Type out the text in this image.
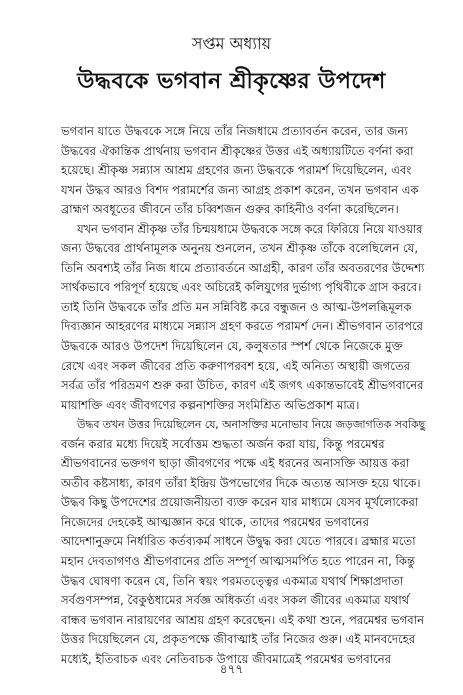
সপ্তম অধ্যায়
উদ্ধবকে ভগবান শ্রীকৃষ্ণের উপদেশ
ভগবান যাতে উদ্ধবকে সঙ্গে নিয়ে তাঁর নিজধামে প্রত্যাবর্তন করেন, তার জন্য
উদ্ধবের ঐকান্তিক প্রার্থনায় ভগবান শ্রীকৃষ্ণের উত্তর এই অধ্যায়টিতে বর্ণনা করা
হয়েছে। শ্রীকৃষ্ণ সন্ন্যাস আশ্রম গ্রহণের জন্য উদ্ধবকে পরামর্শ দিয়েছিলেন, এবং
যখন উদ্ধব আরও বিশদ পরামর্শের জন্য আগ্রহ প্রকাশ করেন, তখন ভগবান এক
ব্রাহ্মণ অবধূতের জীবনে তাঁর চব্বিশজন গুরুর কাহিনীও বর্ণনা করেছিলেন।
যখন ভগবান শ্রীকৃষ্ণ তাঁর চিন্ময়ধামে উদ্ধবকে সঙ্গে করে ফিরিয়ে নিয়ে যাওয়ার
জন্য উদ্ধবের প্রার্থনামূলক অনুনয় শুনলেন, তখন শ্রীকৃষ্ণ তাঁকে বলেছিলেন যে,
তিনি অবশ্যই তাঁর নিজ ধামে প্রত্যাবর্তনে আগ্রহী, কারণ তাঁর অবতরণের উদ্দেশ্য
সার্থকভাবে পরিপূর্ণ হয়েছে এবং অচিরেই কলিযুগের দুর্ভাগ্য পৃথিবীকে গ্রাস করবে।
তাই তিনি উদ্ধবকে তাঁর প্রতি মন সন্নিবিষ্ট করে বন্ধুজন ও আত্ম-উপলব্ধিমূলক
দিব্যজ্ঞান আহরণের মাধ্যমে সন্ন্যাস গ্রহণ করতে পরামর্শ দেন। শ্রীভগবান তারপরে
উদ্ধবকে আরও উপদেশ দিয়েছিলেন যে, কলুষতার স্পর্শ থেকে নিজেকে মুক্ত
রেখে এবং সকল জীবের প্রতি করুণাপরবশ হয়ে, এই অনিত্য অস্থায়ী জগতের
সর্বত্র তাঁর পরিভ্রমণ শুরু করা উচিত, কারণ এই জগৎ একান্তভাবেই শ্রীভগবানের
মায়াশক্তি এবং জীবগণের কল্পনাশক্তির সংমিশ্রিত অভিপ্রকাশ মাত্র।
উদ্ধব তখন উত্তর দিয়েছিলেন যে, অনাসক্তির মনোভাব নিয়ে জড়জাগতিক সবকিছু
বর্জন করার মধ্যে দিয়েই সর্বোত্তম শুদ্ধতা অর্জন করা যায়, কিন্তু পরমেশ্বর
শ্রীভগবানের ভক্তগণ ছাড়া জীবগণের পক্ষে এই ধরনের অনাসক্তি আয়ত্ত করা
অতীব কষ্টসাধ্য, কারণ তাঁরা ইন্দ্রিয় উপভোগের দিকে অত্যন্ত আসক্ত হয়ে থাকে।
উদ্ধব কিছু উপদেশের প্রয়োজনীয়তা ব্যক্ত করেন যার মাধ্যমে যেসব মূর্খলোকেরা
নিজেদের দেহকেই আত্মজ্ঞান করে থাকে, তাদের পরমেশ্বর ভগবানের
আদেশানুক্রমে নির্ধারিত কর্তব্যকর্ম সাধনে উদ্বুদ্ধ করা যেতে পারবে। ব্রহ্মার মতো
মহান দেবতাগণও শ্রীভগবানের প্রতি সম্পূর্ণ আত্মসমর্পিত হতে পারেন না, কিন্তু
উদ্ধব ঘোষণা করেন যে, তিনি স্বয়ং পরমতত্ত্বের একমাত্র যথার্থ শিক্ষাপ্রদাতা
সর্বগুণসম্পন্ন, বৈকুণ্ঠধামের সর্বজ্ঞ অধিকর্তা এবং সকল জীবের একমাত্র যথার্থ
বান্ধব ভগবান নারায়ণের আশ্রয় গ্রহণ করেছেন। এই কথা শুনে, পরমেশ্বর ভগবান
উত্তর দিয়েছিলেন যে, প্রকৃতপক্ষে জীবাত্মাই তাঁর নিজের গুরু। এই মানবদেহের
মধ্যেই, ইতিবাচক এবং নেতিবাচক উপায়ে জীবমাত্রেই পরমেশ্বর ভগবানের
৪৭৭
